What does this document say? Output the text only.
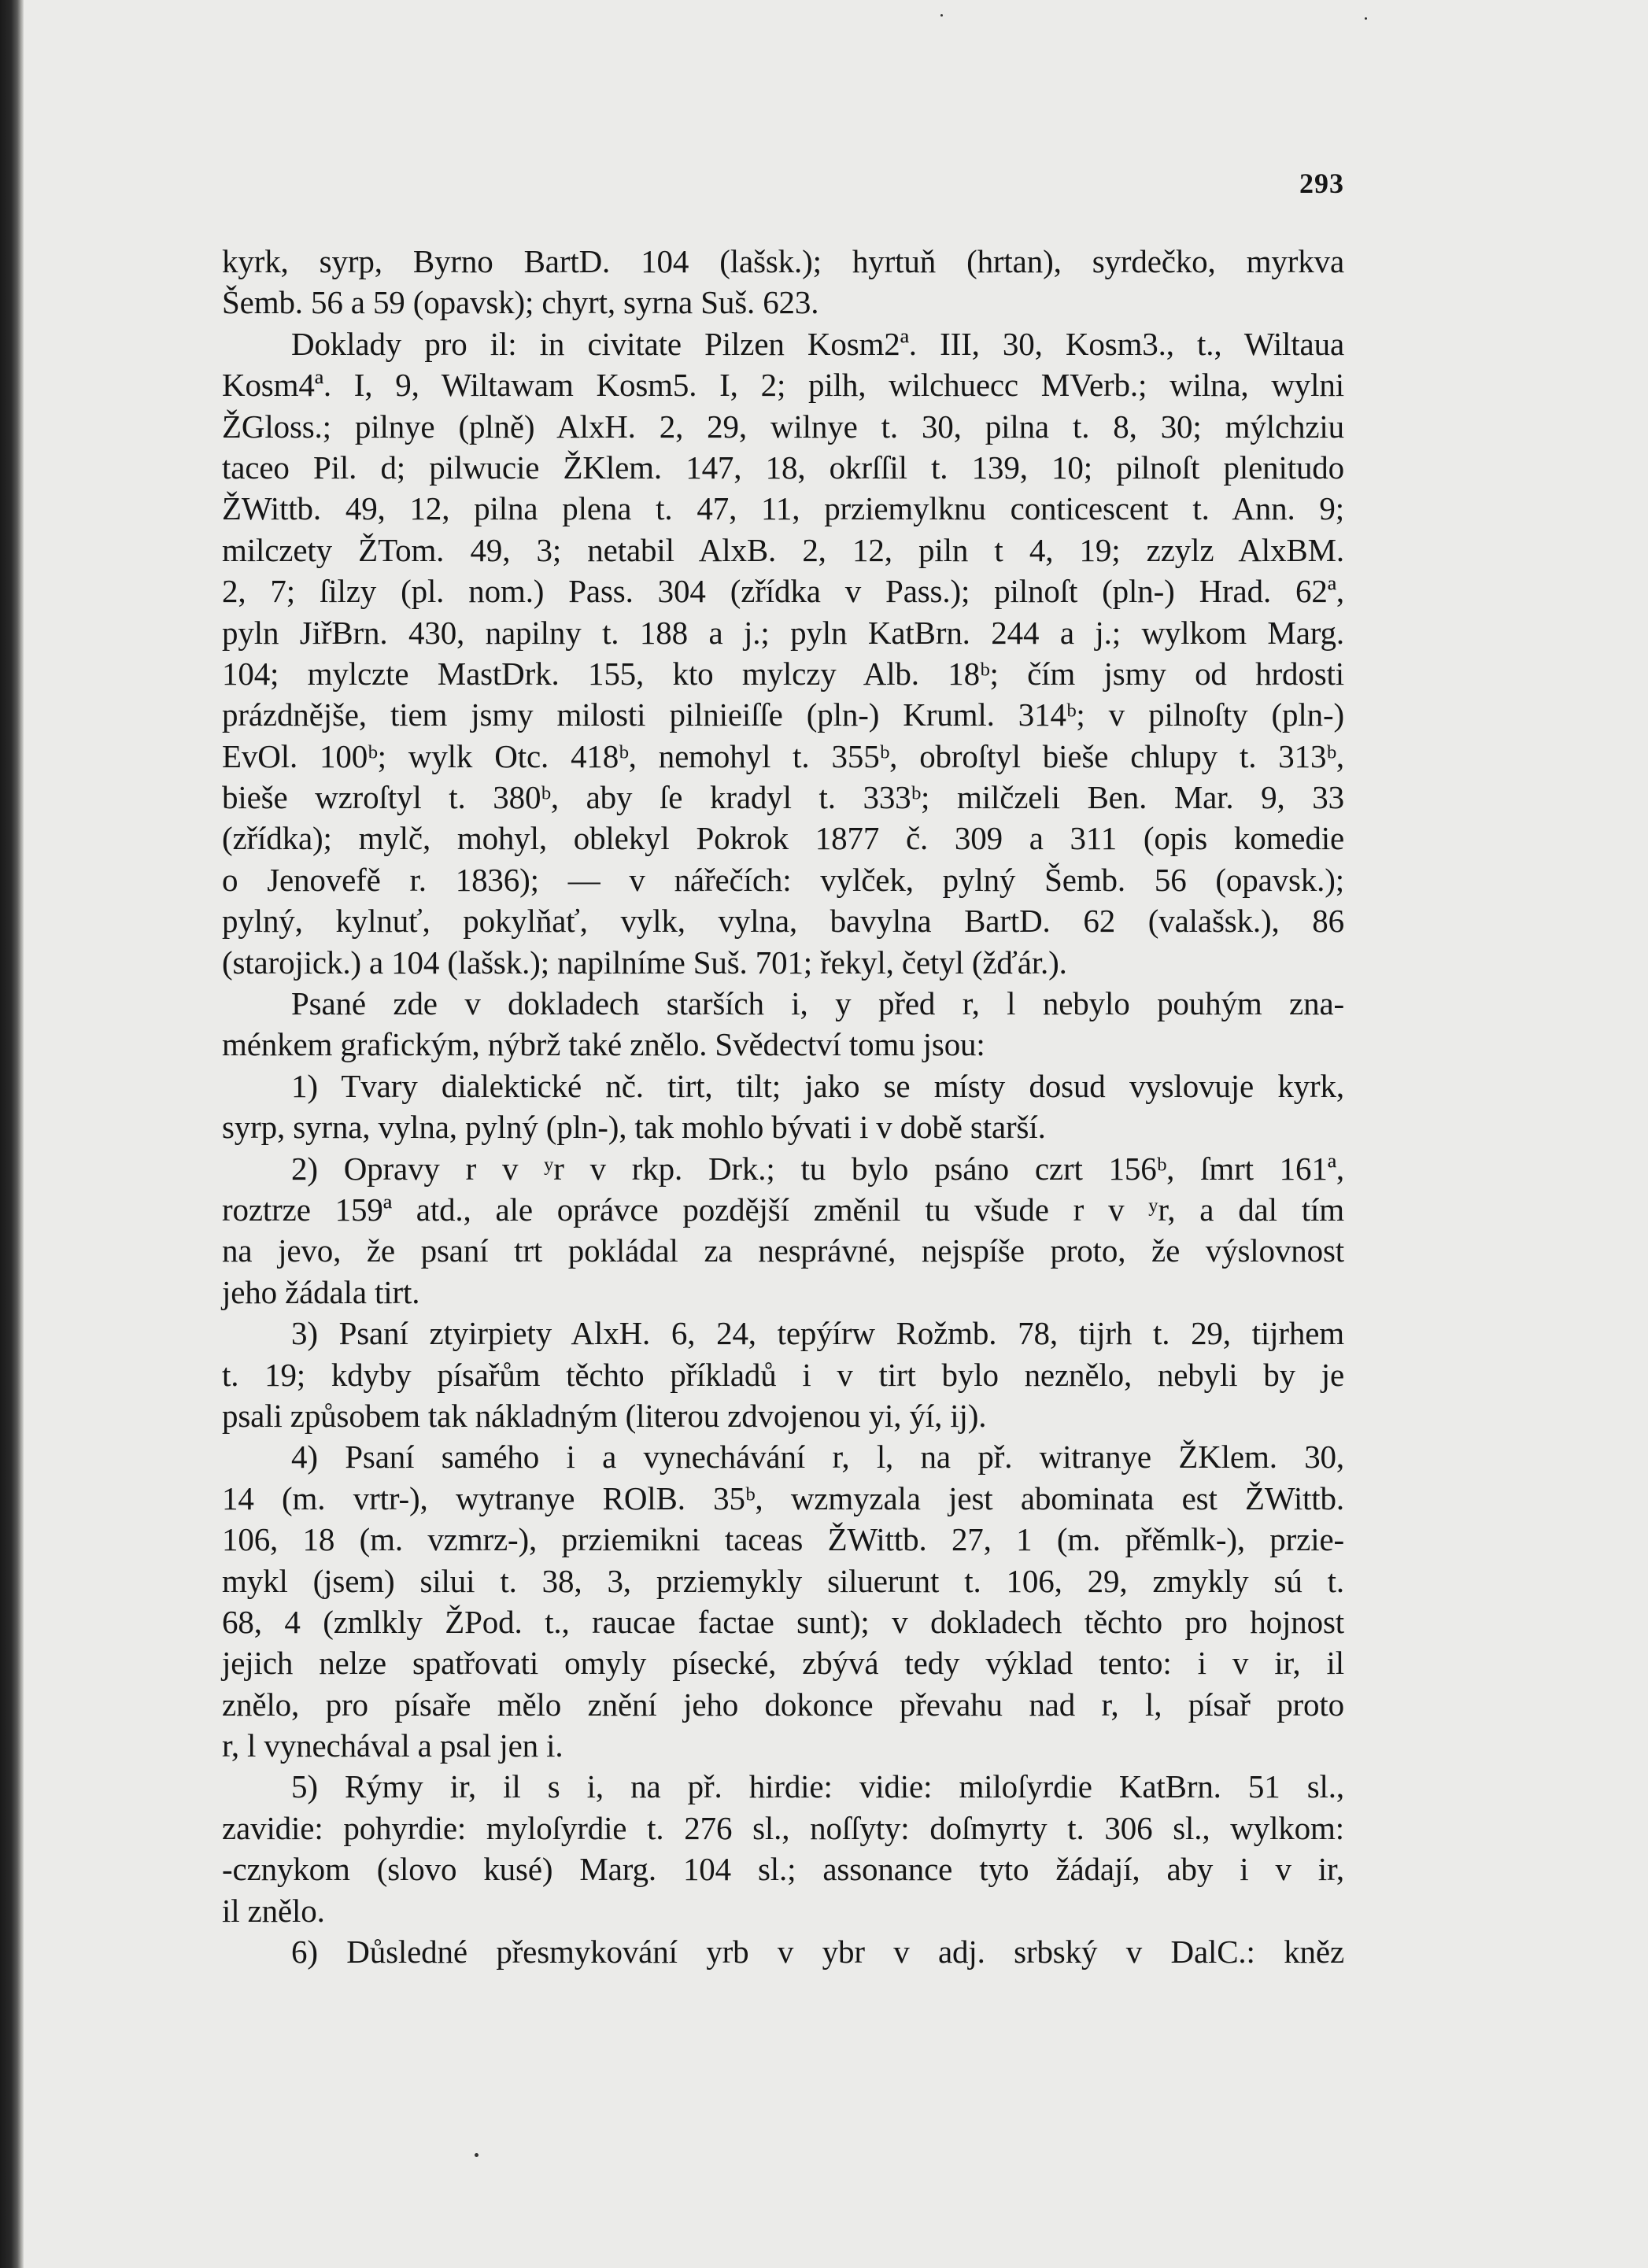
293

kyrk, syrp, Byrno BartD. 104 (lašsk.); hyrtuň (hrtan), syrdečko, myrkva

Šemb. 56 a 59 (opavsk); chyrt, syrna Suš. 623.

Doklady pro il: in civitate Pilzen Kosm2ª. III, 30, Kosm3., t., Wiltaua

Kosm4ª. I, 9, Wiltawam Kosm5. I, 2; pilh, wilchuecc MVerb.; wilna, wylni

ŽGloss.; pilnye (plně) AlxH. 2, 29, wilnye t. 30, pilna t. 8, 30; mýlchziu

taceo Pil. d; pilwucie ŽKlem. 147, 18, okrſſil t. 139, 10; pilnoſt plenitudo

ŽWittb. 49, 12, pilna plena t. 47, 11, prziemylknu conticescent t. Ann. 9;

milczety ŽTom. 49, 3; netabil AlxB. 2, 12, piln t 4, 19; zzylz AlxBM.

2, 7; ſilzy (pl. nom.) Pass. 304 (zřídka v Pass.); pilnoſt (pln-) Hrad. 62ª,

pyln JiřBrn. 430, napilny t. 188 a j.; pyln KatBrn. 244 a j.; wylkom Marg.

104; mylczte MastDrk. 155, kto mylczy Alb. 18ᵇ; čím jsmy od hrdosti

prázdnějše, tiem jsmy milosti pilnieiſſe (pln-) Kruml. 314ᵇ; v pilnoſty (pln-)

EvOl. 100ᵇ; wylk Otc. 418ᵇ, nemohyl t. 355ᵇ, obroſtyl bieše chlupy t. 313ᵇ,

bieše wzroſtyl t. 380ᵇ, aby ſe kradyl t. 333ᵇ; milčzeli Ben. Mar. 9, 33

(zřídka); mylč, mohyl, oblekyl Pokrok 1877 č. 309 a 311 (opis komedie

o Jenovefě r. 1836); — v nářečích: vylček, pylný Šemb. 56 (opavsk.);

pylný, kylnuť, pokylňať, vylk, vylna, bavylna BartD. 62 (valašsk.), 86

(starojick.) a 104 (lašsk.); napilníme Suš. 701; řekyl, četyl (žďár.).

Psané zde v dokladech starších i, y před r, l nebylo pouhým zna-

ménkem grafickým, nýbrž také znělo. Svědectví tomu jsou:

1) Tvary dialektické nč. tirt, tilt; jako se místy dosud vyslovuje kyrk,

syrp, syrna, vylna, pylný (pln-), tak mohlo bývati i v době starší.

2) Opravy r v ʸr v rkp. Drk.; tu bylo psáno czrt 156ᵇ, ſmrt 161ª,

roztrze 159ª atd., ale oprávce pozdější změnil tu všude r v ʸr, a dal tím

na jevo, že psaní trt pokládal za nesprávné, nejspíše proto, že výslovnost

jeho žádala tirt.

3) Psaní ztyirpiety AlxH. 6, 24, tepýírw Rožmb. 78, tijrh t. 29, tijrhem

t. 19; kdyby písařům těchto příkladů i v tirt bylo neznělo, nebyli by je

psali způsobem tak nákladným (literou zdvojenou yi, ýí, ij).

4) Psaní samého i a vynechávání r, l, na př. witranye ŽKlem. 30,

14 (m. vrtr-), wytranye ROlB. 35ᵇ, wzmyzala jest abominata est ŽWittb.

106, 18 (m. vzmrz-), przіemikni taceas ŽWittb. 27, 1 (m. přěmlk-), przie-

mykl (jsem) silui t. 38, 3, przіemykly siluerunt t. 106, 29, zmykly sú t.

68, 4 (zmlkly ŽPod. t., raucae factae sunt); v dokladech těchto pro hojnost

jejich nelze spatřovati omyly písecké, zbývá tedy výklad tento: i v ir, il

znělo, pro písaře mělo znění jeho dokonce převahu nad r, l, písař proto

r, l vynechával a psal jen i.

5) Rýmy ir, il s i, na př. hirdie: vidie: miloſyrdie KatBrn. 51 sl.,

zavidie: pohyrdie: myloſyrdie t. 276 sl., noſſyty: doſmyrty t. 306 sl., wylkom:

-cznykom (slovo kusé) Marg. 104 sl.; assonance tyto žádají, aby i v ir,

il znělo.

6) Důsledné přesmykování yrb v ybr v adj. srbský v DalC.: kněz
